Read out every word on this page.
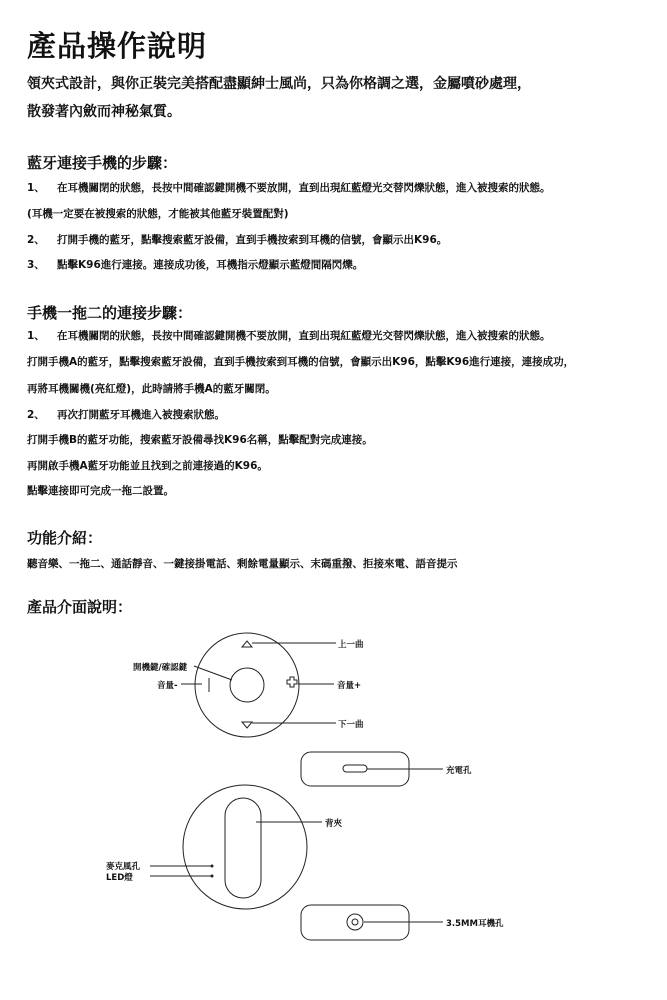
產品操作說明
領夾式設計，與你正裝完美搭配盡顯紳士風尚，只為你格調之選，金屬噴砂處理，
散發著內斂而神秘氣質。
藍牙連接手機的步驟：
1、 在耳機關閉的狀態，長按中間確認鍵開機不要放開，直到出現紅藍燈光交替閃爍狀態，進入被搜索的狀態。
(耳機一定要在被搜索的狀態，才能被其他藍牙裝置配對)
2、 打開手機的藍牙，點擊搜索藍牙設備，直到手機按索到耳機的信號，會顯示出K96。
3、 點擊K96進行連接。連接成功後，耳機指示燈顯示藍燈間隔閃爍。
手機一拖二的連接步驟：
1、 在耳機關閉的狀態，長按中間確認鍵開機不要放開，直到出現紅藍燈光交替閃爍狀態，進入被搜索的狀態。
打開手機A的藍牙，點擊搜索藍牙設備，直到手機按索到耳機的信號，會顯示出K96，點擊K96進行連接，連接成功，
再將耳機關機(亮紅燈)，此時請將手機A的藍牙關閉。
2、 再次打開藍牙耳機進入被搜索狀態。
打開手機B的藍牙功能，搜索藍牙設備尋找K96名稱，點擊配對完成連接。
再開啟手機A藍牙功能並且找到之前連接過的K96。
點擊連接即可完成一拖二設置。
功能介紹：
聽音樂、一拖二、通話靜音、一鍵接掛電話、剩餘電量顯示、末碼重撥、拒接來電、語音提示
產品介面說明：
上一曲
開機鍵/確認鍵
音量-	音量+
下一曲
充電孔
背夾
麥克風孔
LED燈
3.5MM耳機孔
